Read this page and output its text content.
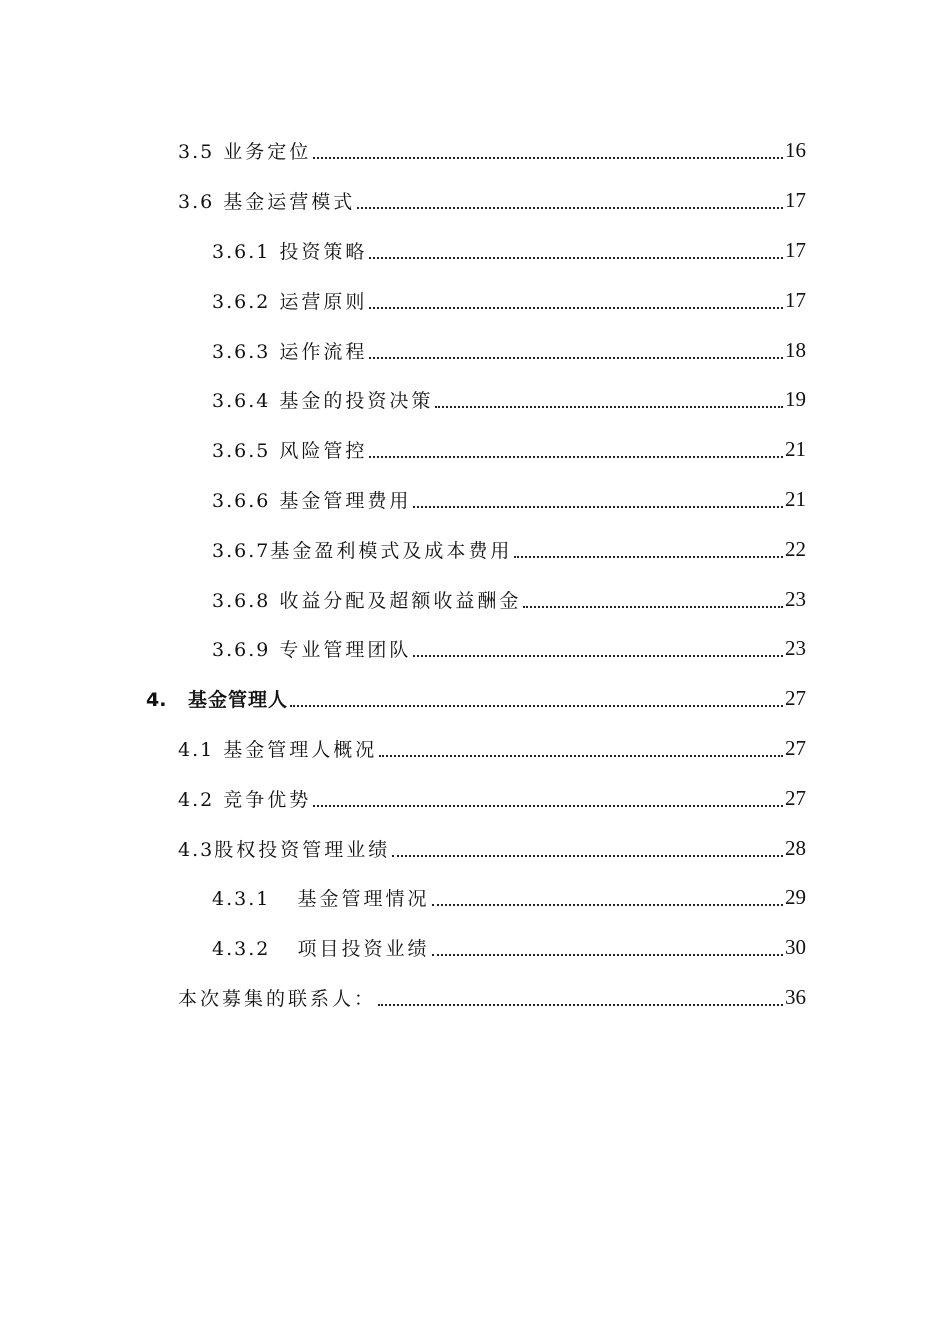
3.5 业务定位	16
3.6 基金运营模式	17
3.6.1 投资策略	17
3.6.2 运营原则	17
3.6.3 运作流程	18
3.6.4 基金的投资决策	19
3.6.5 风险管控	21
3.6.6 基金管理费用	21
3.6.7基金盈利模式及成本费用	22
3.6.8 收益分配及超额收益酬金	23
3.6.9 专业管理团队	23
4. 基金管理人	27
4.1 基金管理人概况	27
4.2 竞争优势	27
4.3股权投资管理业绩	28
4.3.1 基金管理情况	29
4.3.2 项目投资业绩	30
本次募集的联系人：	36
